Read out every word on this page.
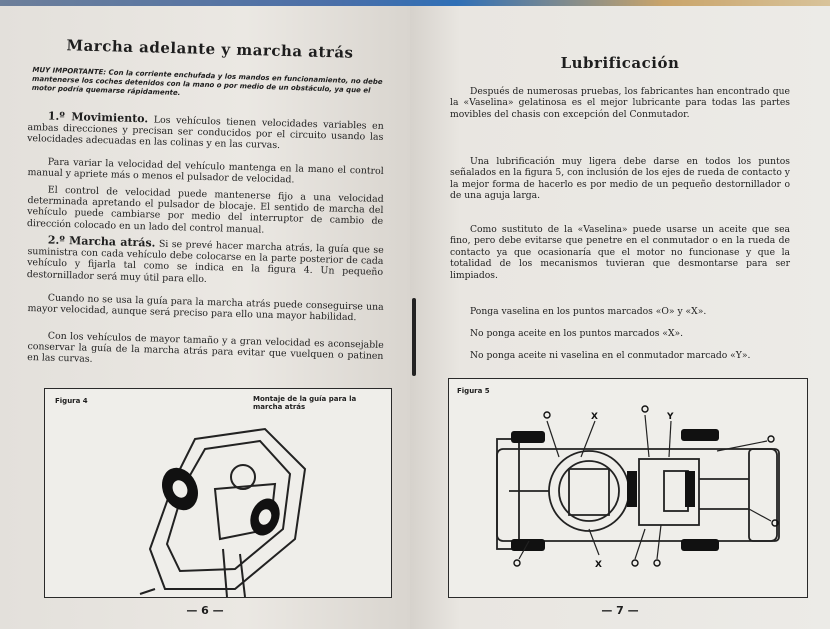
Marcha adelante y marcha atrás
MUY IMPORTANTE: Con la corriente enchufada y los mandos en funcionamiento, no debe mantenerse los coches detenidos con la mano o por medio de un obstáculo, ya que el motor podría quemarse rápidamente.
1.º Movimiento. Los vehículos tienen velocidades variables en ambas direcciones y precisan ser conducidos por el circuito usando las velocidades adecuadas en las colinas y en las curvas.
Para variar la velocidad del vehículo mantenga en la mano el control manual y apriete más o menos el pulsador de velocidad.
El control de velocidad puede mantenerse fijo a una velocidad determinada apretando el pulsador de blocaje. El sentido de marcha del vehículo puede cambiarse por medio del interruptor de cambio de dirección colocado en un lado del control manual.
2.º Marcha atrás. Si se prevé hacer marcha atrás, la guía que se suministra con cada vehículo debe colocarse en la parte posterior de cada vehículo y fijarla tal como se indica en la figura 4. Un pequeño destornillador será muy útil para ello.
Cuando no se usa la guía para la marcha atrás puede conseguirse una mayor velocidad, aunque será preciso para ello una mayor habilidad.
Con los vehículos de mayor tamaño y a gran velocidad es aconsejable conservar la guía de la marcha atrás para evitar que vuelquen o patinen en las curvas.
Figura 4	Montaje de la guía para la marcha atrás
— 6 —
Lubrificación
Después de numerosas pruebas, los fabricantes han encontrado que la «Vaselina» gelatinosa es el mejor lubricante para todas las partes movibles del chasis con excepción del Conmutador.
Una lubrificación muy ligera debe darse en todos los puntos señalados en la figura 5, con inclusión de los ejes de rueda de contacto y la mejor forma de hacerlo es por medio de un pequeño destornillador o de una aguja larga.
Como sustituto de la «Vaselina» puede usarse un aceite que sea fino, pero debe evitarse que penetre en el conmutador o en la rueda de contacto ya que ocasionaría que el motor no funcionase y que la totalidad de los mecanismos tuvieran que desmontarse para ser limpiados.
Ponga vaselina en los puntos marcados «O» y «X».
No ponga aceite en los puntos marcados «X».
No ponga aceite ni vaselina en el conmutador marcado «Y».
Figura 5
X	Y
X
— 7 —
